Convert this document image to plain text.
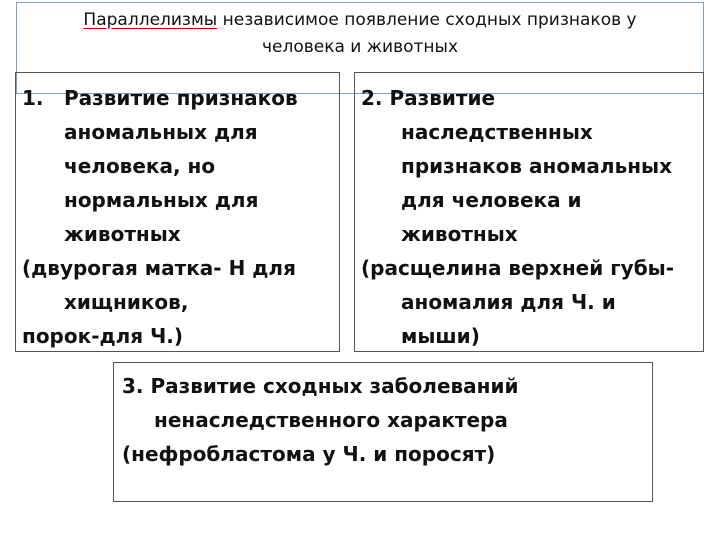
Параллелизмы независимое появление сходных признаков у
человека и животных
1. Развитие признаков
аномальных для
человека, но
нормальных для
животных
(двурогая матка- Н для
хищников,
порок-для Ч.)
2. Развитие
наследственных
признаков аномальных
для человека и
животных
(расщелина верхней губы-
аномалия для Ч. и
мыши)
3. Развитие сходных заболеваний
ненаследственного характера
(нефробластома у Ч. и поросят)
